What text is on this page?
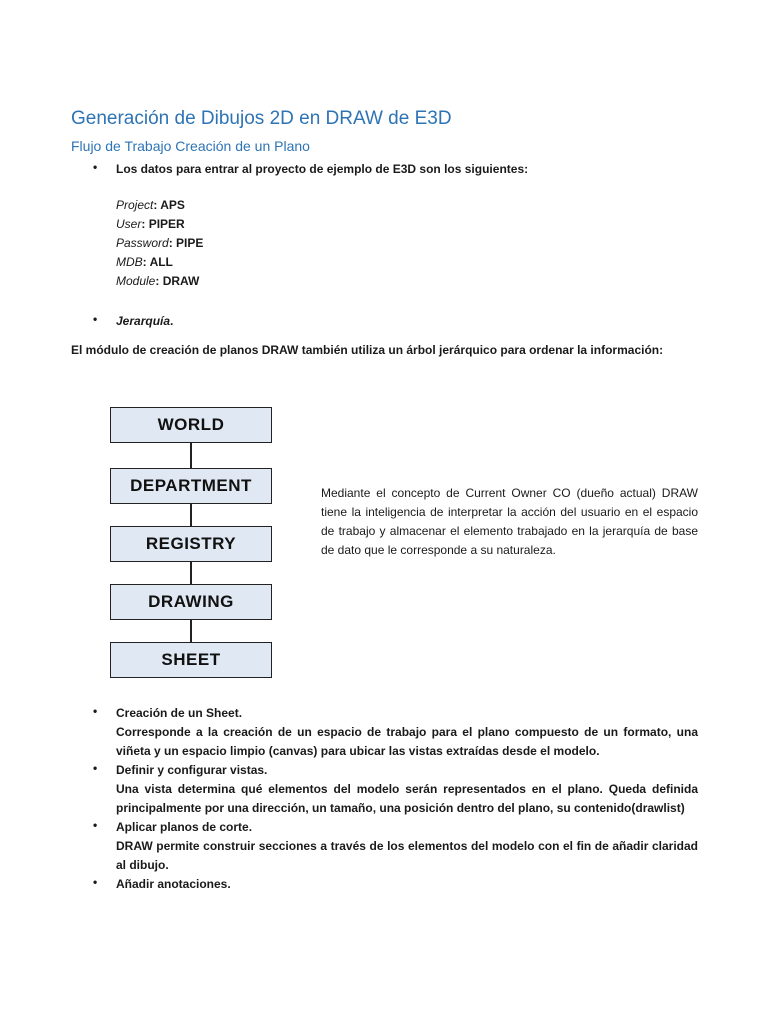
Generación de Dibujos 2D en DRAW de E3D
Flujo de Trabajo Creación de un Plano
• Los datos para entrar al proyecto de ejemplo de E3D son los siguientes:
Project: APS
User: PIPER
Password: PIPE
MDB: ALL
Module: DRAW
• Jerarquía.
El módulo de creación de planos DRAW también utiliza un árbol jerárquico para ordenar la información:
WORLD
DEPARTMENT
REGISTRY
DRAWING
SHEET
Mediante el concepto de Current Owner CO (dueño actual) DRAW tiene la inteligencia de interpretar la acción del usuario en el espacio de trabajo y almacenar el elemento trabajado en la jerarquía de base de dato que le corresponde a su naturaleza.
• Creación de un Sheet.
Corresponde a la creación de un espacio de trabajo para el plano compuesto de un formato, una viñeta y un espacio limpio (canvas) para ubicar las vistas extraídas desde el modelo.
• Definir y configurar vistas.
Una vista determina qué elementos del modelo serán representados en el plano. Queda definida principalmente por una dirección, un tamaño, una posición dentro del plano, su contenido(drawlist)
• Aplicar planos de corte.
DRAW permite construir secciones a través de los elementos del modelo con el fin de añadir claridad al dibujo.
• Añadir anotaciones.
